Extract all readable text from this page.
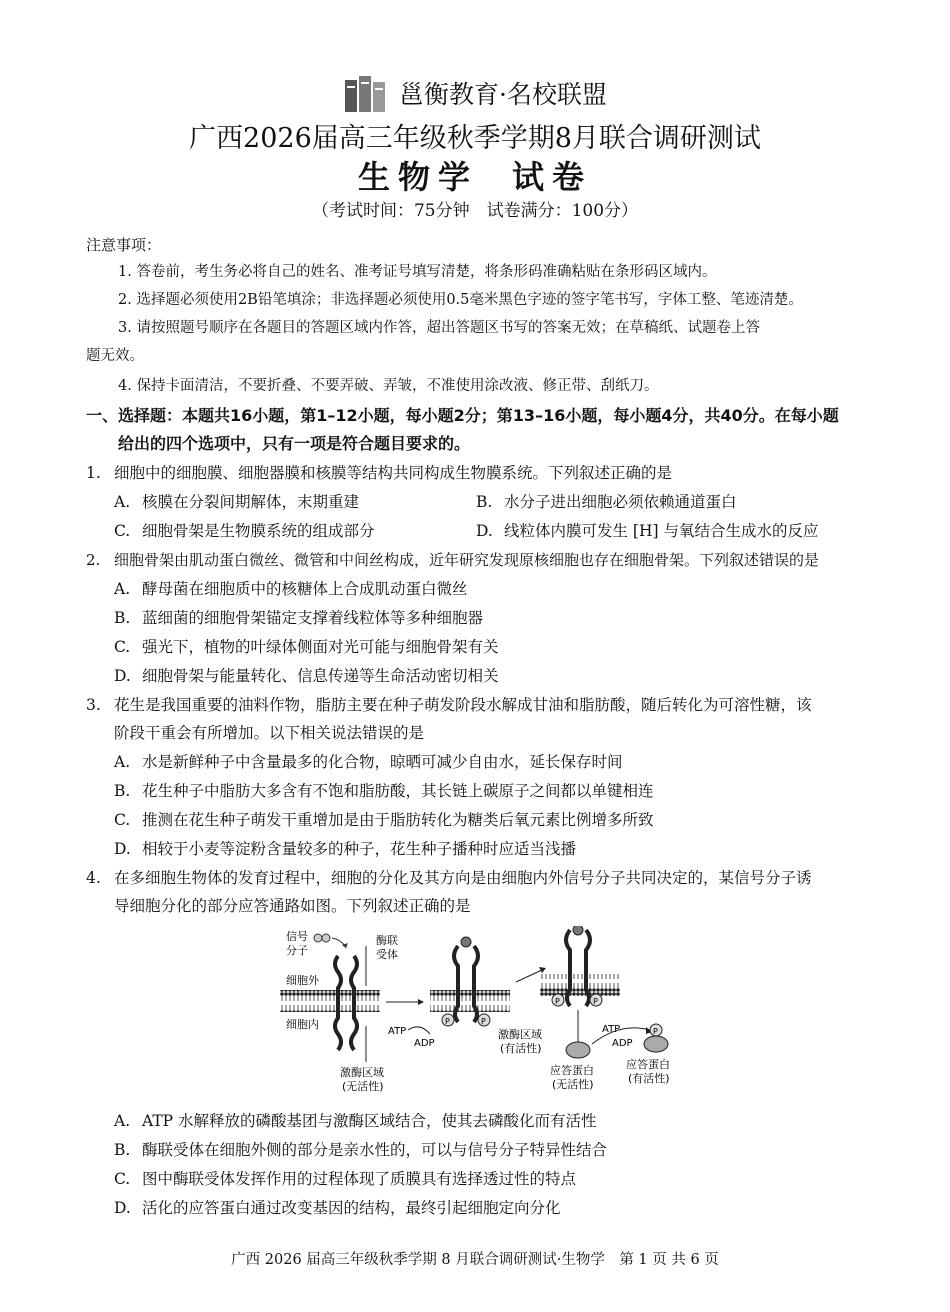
邕衡教育·名校联盟
广西2026届高三年级秋季学期8月联合调研测试
生物学 试卷
（考试时间：75分钟　试卷满分：100分）
注意事项：
1. 答卷前，考生务必将自己的姓名、准考证号填写清楚，将条形码准确粘贴在条形码区域内。
2. 选择题必须使用2B铅笔填涂；非选择题必须使用0.5毫米黑色字迹的签字笔书写，字体工整、笔迹清楚。
3. 请按照题号顺序在各题目的答题区域内作答，超出答题区书写的答案无效；在草稿纸、试题卷上答
题无效。
4. 保持卡面清洁，不要折叠、不要弄破、弄皱，不准使用涂改液、修正带、刮纸刀。
一、选择题：本题共16小题，第1–12小题，每小题2分；第13–16小题，每小题4分，共40分。在每小题
给出的四个选项中，只有一项是符合题目要求的。
1. 细胞中的细胞膜、细胞器膜和核膜等结构共同构成生物膜系统。下列叙述正确的是
A. 核膜在分裂间期解体，末期重建	B. 水分子进出细胞必须依赖通道蛋白
C. 细胞骨架是生物膜系统的组成部分	D. 线粒体内膜可发生 [H] 与氧结合生成水的反应
2. 细胞骨架由肌动蛋白微丝、微管和中间丝构成，近年研究发现原核细胞也存在细胞骨架。下列叙述错误的是
A. 酵母菌在细胞质中的核糖体上合成肌动蛋白微丝
B. 蓝细菌的细胞骨架锚定支撑着线粒体等多种细胞器
C. 强光下，植物的叶绿体侧面对光可能与细胞骨架有关
D. 细胞骨架与能量转化、信息传递等生命活动密切相关
3. 花生是我国重要的油料作物，脂肪主要在种子萌发阶段水解成甘油和脂肪酸，随后转化为可溶性糖，该
阶段干重会有所增加。以下相关说法错误的是
A. 水是新鲜种子中含量最多的化合物，晾晒可减少自由水，延长保存时间
B. 花生种子中脂肪大多含有不饱和脂肪酸，其长链上碳原子之间都以单键相连
C. 推测在花生种子萌发干重增加是由于脂肪转化为糖类后氧元素比例增多所致
D. 相较于小麦等淀粉含量较多的种子，花生种子播种时应适当浅播
4. 在多细胞生物体的发育过程中，细胞的分化及其方向是由细胞内外信号分子共同决定的，某信号分子诱
导细胞分化的部分应答通路如图。下列叙述正确的是
信号
分子
细胞外
细胞内
酶联
受体
激酶区域
(无活性)
ATP
ADP
P	P
激酶区域
(有活性)
P	P
ATP
ADP
P
应答蛋白
(无活性)
应答蛋白
(有活性)
A. ATP 水解释放的磷酸基团与激酶区域结合，使其去磷酸化而有活性
B. 酶联受体在细胞外侧的部分是亲水性的，可以与信号分子特异性结合
C. 图中酶联受体发挥作用的过程体现了质膜具有选择透过性的特点
D. 活化的应答蛋白通过改变基因的结构，最终引起细胞定向分化
广西 2026 届高三年级秋季学期 8 月联合调研测试·生物学　第 1 页 共 6 页
